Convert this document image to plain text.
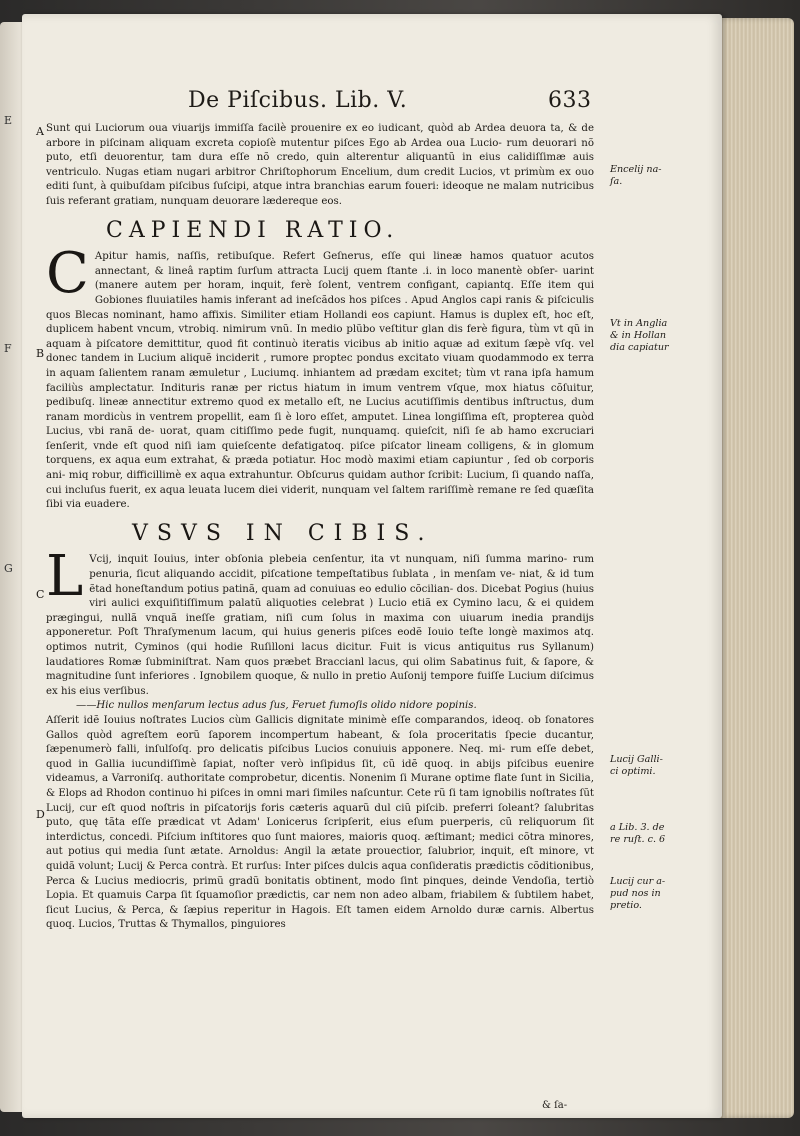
E
F
G
De Piſcibus. Lib. V.	633
A
B
C
D
Encelij na- ſa.
Vt in Anglia & in Hollan dia capiatur
Lucij Galli- ci optimi.
a Lib. 3. de re ruſt. c. 6
Lucij cur a- pud nos in pretio.

Sunt qui Luciorum oua viuarijs immiſſa facilè prouenire ex eo iudicant, quòd ab Ardea deuora ta, & de arbore in piſcinam aliquam excreta copioſè mutentur piſces Ego ab Ardea oua Lucio- rum deuorari nõ puto, etſi deuorentur, tam dura eſſe nõ credo, quin alterentur aliquantũ in eius calidiſſimæ auis ventriculo. Nugas etiam nugari arbitror Chriſtophorum Encelium, dum credit Lucios, vt primùm ex ouo editi ſunt, à quibuſdam piſcibus ſuſcipi, atque intra branchias earum foueri: ideoque ne malam nutricibus ſuis referant gratiam, nunquam deuorare lædereque eos.

CAPIENDI RATIO.

C Apitur hamis, naſſis, retibuſque. Refert Geſnerus, eſſe qui lineæ hamos quatuor acutos annectant, & lineâ raptim ſurſum attracta Lucij quem ſtante .i. in loco manentè obſer- uarint (manere autem per horam, inquit, ferè ſolent, ventrem configant, capiantq. Eſſe item qui Gobiones fluuiatiles hamis inferant ad ineſcãdos hos piſces . Apud Anglos capi ranis & piſciculis quos Blecas nominant, hamo affixis. Similiter etiam Hollandi eos capiunt. Hamus is duplex eſt, hoc eſt, duplicem habent vncum, vtrobiq. nimirum vnũ. In medio plũbo veſtitur glan dis ferè figura, tùm vt qũ in aquam à piſcatore demittitur, quod fit continuò iteratis vicibus ab initio aquæ ad exitum ſæpè vſq. vel donec tandem in Lucium aliquẽ inciderit , rumore proptec pondus excitato viuam quodammodo ex terra in aquam ſalientem ranam æmuletur , Luciumq. inhiantem ad prædam excitet; tùm vt rana ipſa hamum faciliùs amplectatur. Indituris ranæ per rictus hiatum in imum ventrem vſque, mox hiatus cõſuitur, pedibuſq. lineæ annectitur extremo quod ex metallo eſt, ne Lucius acutiſſimis dentibus inſtructus, dum ranam mordicùs in ventrem propellit, eam ſi è loro eſſet, amputet. Linea longiſſima eſt, propterea quòd Lucius, vbi ranã de- uorat, quam citiſſimo pede fugit, nunquamq. quieſcit, niſi ſe ab hamo excruciari ſenſerit, vnde eſt quod niſi iam quieſcente defatigatoq. piſce piſcator lineam colligens, & in glomum torquens, ex aqua eum extrahat, & præda potiatur. Hoc modò maximi etiam capiuntur , ſed ob corporis ani- miq robur, difficillimè ex aqua extrahuntur. Obſcurus quidam author ſcribit: Lucium, ſi quando naſſa, cui incluſus fuerit, ex aqua leuata lucem diei viderit, nunquam vel ſaltem rariſſimè remane re ſed quæſita ſibi via euadere.

VSVS IN CIBIS.

L Vcij, inquit Iouius, inter obſonia plebeia cenſentur, ita vt nunquam, niſi ſumma marino- rum penuria, ſicut aliquando accidit, piſcatione tempeſtatibus ſublata , in menſam ve- niat, & id tum ẽtad honeſtandum potius patinã, quam ad conuiuas eo edulio cõcilian- dos. Dicebat Pogius (huius viri aulici exquiſitiſſimum palatũ aliquoties celebrat ) Lucio etiã ex Cymino lacu, & ei quidem prægingui, nullã vnquã ineſſe gratiam, niſi cum ſolus in maxima con uiuarum inedia prandijs apponeretur. Poſt Thraſymenum lacum, qui huius generis piſces eodẽ Iouio teſte longè maximos atq. optimos nutrit, Cyminos (qui hodie Ruſilloni lacus dicitur. Fuit is vicus antiquitus rus Syllanum) laudatiores Romæ ſubminiſtrat. Nam quos præbet Braccianl lacus, qui olim Sabatinus fuit, & ſapore, & magnitudine ſunt inferiores . Ignobilem quoque, & nullo in pretio Auſonij tempore fuiſſe Lucium diſcimus ex his eius verſibus.

——Hic nullos menſarum lectus adus ſus, Feruet fumoſis olido nidore popinis.

Aſſerit idẽ Iouius noſtrates Lucios cùm Gallicis dignitate minimè eſſe comparandos, ideoq. ob ſonatores Gallos quòd agreſtem eorũ ſaporem incompertum habeant, & ſola proceritatis ſpecie ducantur, ſæpenumerò falli, inſulſoſq. pro delicatis piſcibus Lucios conuiuis apponere. Neq. mi- rum eſſe debet, quod in Gallia iucundiſſimè ſapiat, noſter verò inſipidus ſit, cũ idẽ quoq. in abijs piſcibus euenire videamus, a Varroniſq. authoritate comprobetur, dicentis. Nonenim ſi Murane optime flate ſunt in Sicilia, & Elops ad Rhodon continuo hi piſces in omni mari ſimiles naſcuntur. Cete rũ ſi tam ignobilis noſtrates ſũt Lucij, cur eſt quod noſtris in piſcatorijs foris cæteris aquarũ dul ciũ piſcib. preferri ſoleant? ſalubritas puto, quę tãta eſſe prædicat vt Adam' Lonicerus ſcripſerit, eius eſum puerperis, cũ reliquorum ſit interdictus, concedi. Piſcium inſtitores quo ſunt maiores, maioris quoq. æſtimant; medici cõtra minores, aut potius qui media ſunt ætate. Arnoldus: Angil la ætate prouectior, ſalubrior, inquit, eſt minore, vt quidã volunt; Lucij & Perca contrà. Et rurſus: Inter piſces dulcis aqua conſideratis prædictis cõditionibus, Perca & Lucius mediocris, primũ gradũ bonitatis obtinent, modo ſint pinques, deinde Vendoſia, tertiò Lopia. Et quamuis Carpa ſit ſquamoſior prædictis, car nem non adeo albam, friabilem & ſubtilem habet, ſicut Lucius, & Perca, & ſæpius reperitur in Hagois. Eſt tamen eidem Arnoldo duræ carnis. Albertus quoq. Lucios, Truttas & Thymallos, pinguiores

& ſa-
